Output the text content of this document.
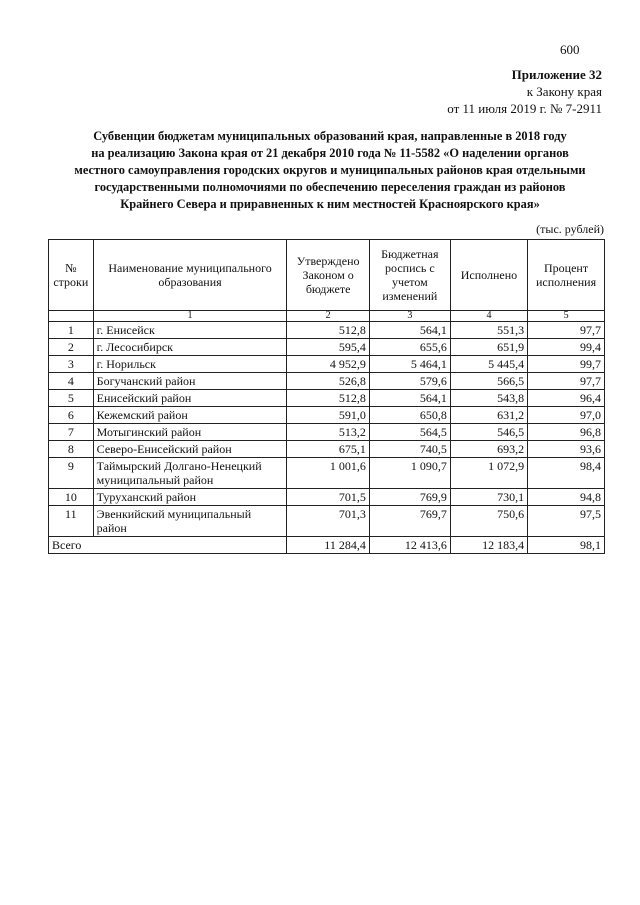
600
Приложение 32
к Закону края
от 11 июля 2019 г. № 7-2911
Субвенции бюджетам муниципальных образований края, направленные в 2018 году
на реализацию Закона края от 21 декабря 2010 года № 11-5582 «О наделении органов
местного самоуправления городских округов и муниципальных районов края отдельными
государственными полномочиями по обеспечению переселения граждан из районов
Крайнего Севера и приравненных к ним местностей Красноярского края»
(тыс. рублей)
№ строки	Наименование муниципального образования	Утверждено Законом о бюджете	Бюджетная роспись с учетом изменений	Исполнено	Процент исполнения
	1	2	3	4	5
1	г. Енисейск	512,8	564,1	551,3	97,7
2	г. Лесосибирск	595,4	655,6	651,9	99,4
3	г. Норильск	4 952,9	5 464,1	5 445,4	99,7
4	Богучанский район	526,8	579,6	566,5	97,7
5	Енисейский район	512,8	564,1	543,8	96,4
6	Кежемский район	591,0	650,8	631,2	97,0
7	Мотыгинский район	513,2	564,5	546,5	96,8
8	Северо-Енисейский район	675,1	740,5	693,2	93,6
9	Таймырский Долгано-Ненецкий муниципальный район	1 001,6	1 090,7	1 072,9	98,4
10	Туруханский район	701,5	769,9	730,1	94,8
11	Эвенкийский муниципальный район	701,3	769,7	750,6	97,5
Всего		11 284,4	12 413,6	12 183,4	98,1
